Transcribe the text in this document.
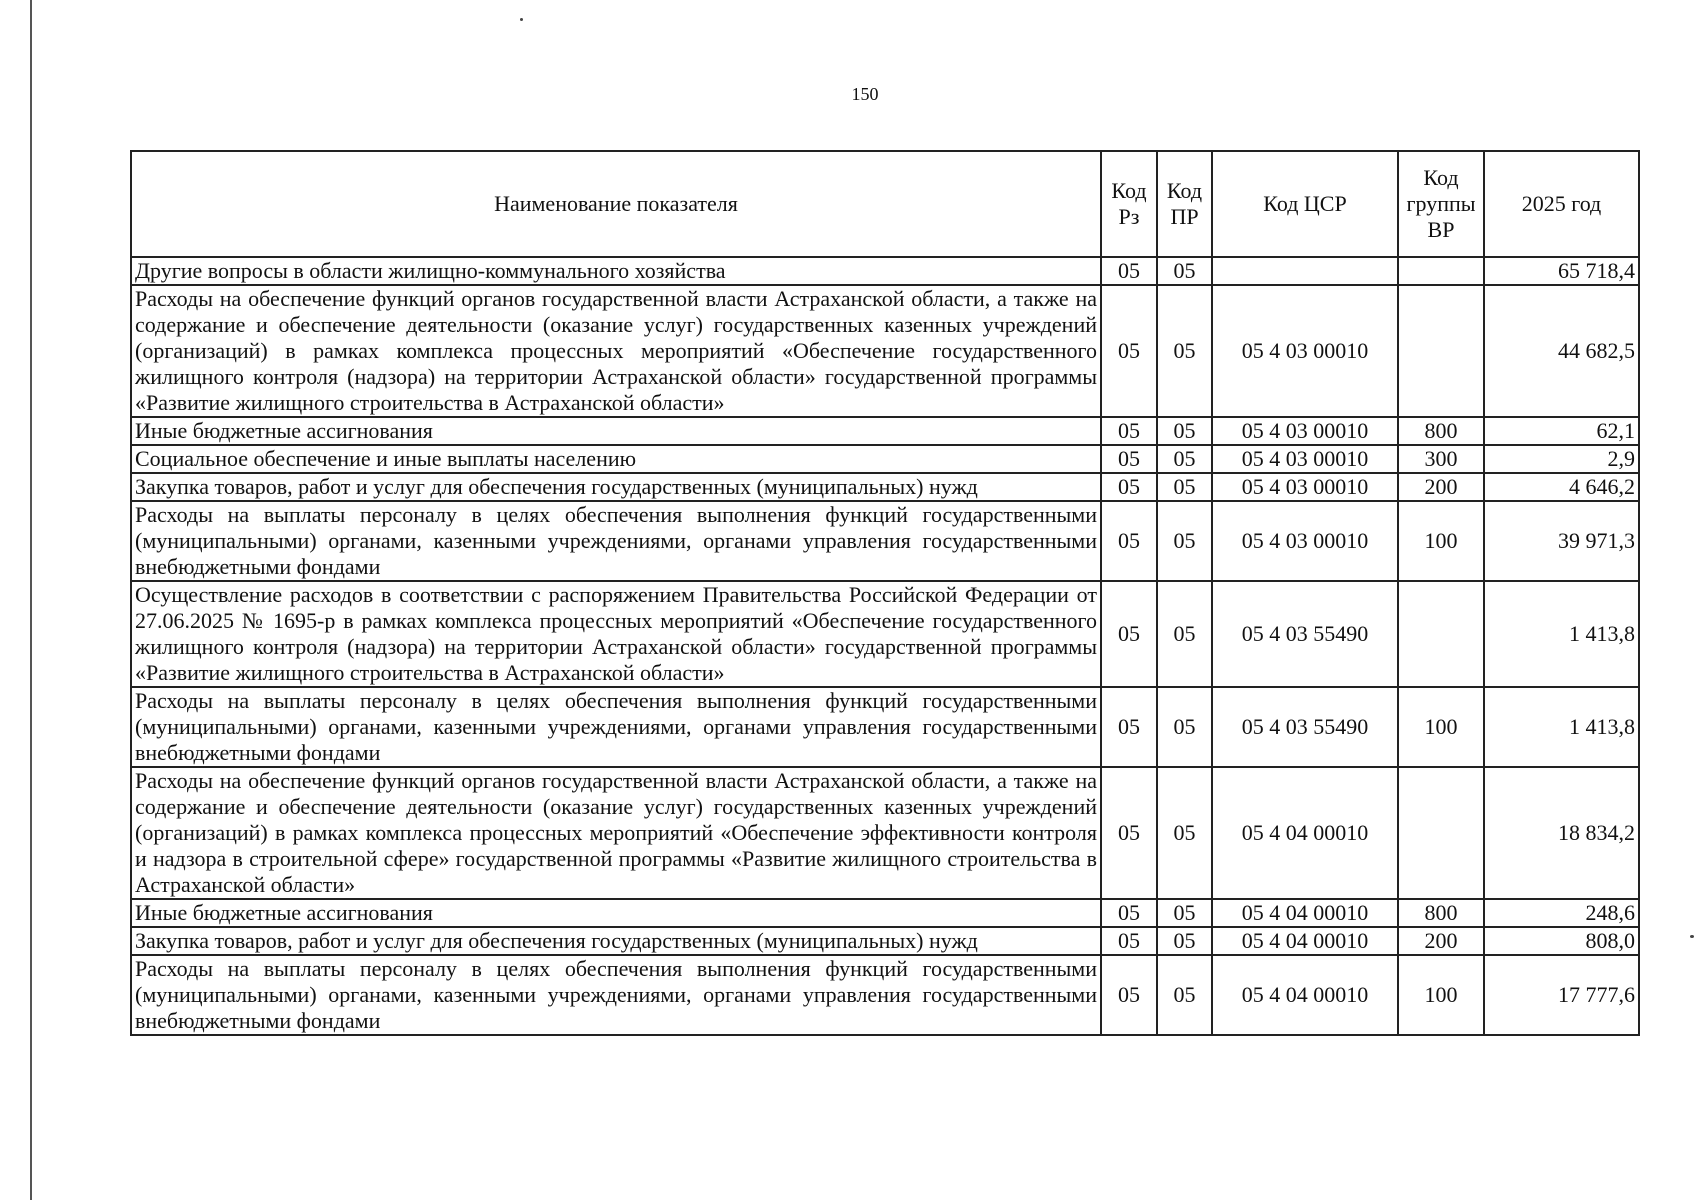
150
Наименование показателя	Код Рз	Код ПР	Код ЦСР	Код группы ВР	2025 год
Другие вопросы в области жилищно-коммунального хозяйства	05	05			65 718,4
Расходы на обеспечение функций органов государственной власти Астраханской области, а также на содержание и обеспечение деятельности (оказание услуг) государственных казенных учреждений (организаций) в рамках комплекса процессных мероприятий «Обеспечение государственного жилищного контроля (надзора) на территории Астраханской области» государственной программы «Развитие жилищного строительства в Астраханской области»	05	05	05 4 03 00010		44 682,5
Иные бюджетные ассигнования	05	05	05 4 03 00010	800	62,1
Социальное обеспечение и иные выплаты населению	05	05	05 4 03 00010	300	2,9
Закупка товаров, работ и услуг для обеспечения государственных (муниципальных) нужд	05	05	05 4 03 00010	200	4 646,2
Расходы на выплаты персоналу в целях обеспечения выполнения функций государственными (муниципальными) органами, казенными учреждениями, органами управления государственными внебюджетными фондами	05	05	05 4 03 00010	100	39 971,3
Осуществление расходов в соответствии с распоряжением Правительства Российской Федерации от 27.06.2025 № 1695-р в рамках комплекса процессных мероприятий «Обеспечение государственного жилищного контроля (надзора) на территории Астраханской области» государственной программы «Развитие жилищного строительства в Астраханской области»	05	05	05 4 03 55490		1 413,8
Расходы на выплаты персоналу в целях обеспечения выполнения функций государственными (муниципальными) органами, казенными учреждениями, органами управления государственными внебюджетными фондами	05	05	05 4 03 55490	100	1 413,8
Расходы на обеспечение функций органов государственной власти Астраханской области, а также на содержание и обеспечение деятельности (оказание услуг) государственных казенных учреждений (организаций) в рамках комплекса процессных мероприятий «Обеспечение эффективности контроля и надзора в строительной сфере» государственной программы «Развитие жилищного строительства в Астраханской области»	05	05	05 4 04 00010		18 834,2
Иные бюджетные ассигнования	05	05	05 4 04 00010	800	248,6
Закупка товаров, работ и услуг для обеспечения государственных (муниципальных) нужд	05	05	05 4 04 00010	200	808,0
Расходы на выплаты персоналу в целях обеспечения выполнения функций государственными (муниципальными) органами, казенными учреждениями, органами управления государственными внебюджетными фондами	05	05	05 4 04 00010	100	17 777,6
